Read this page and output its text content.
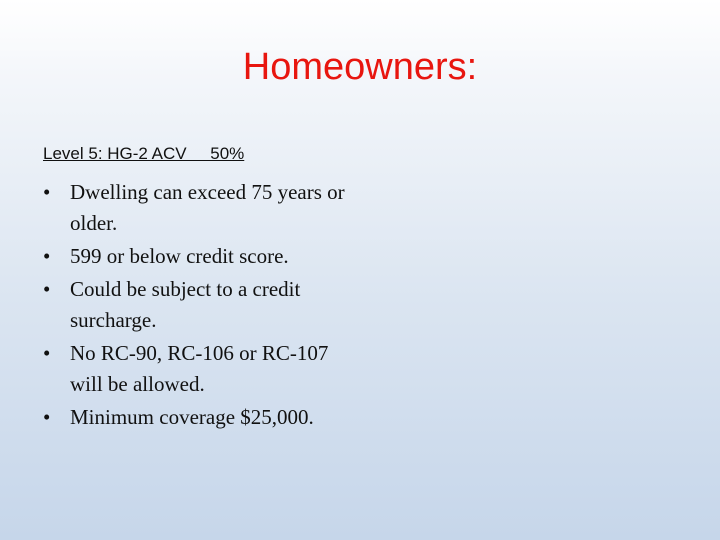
Homeowners:
Level 5: HG-2 ACV     50%
• Dwelling can exceed 75 years or older.
• 599 or below credit score.
• Could be subject to a credit surcharge.
• No RC-90, RC-106 or RC-107 will be allowed.
• Minimum coverage $25,000.
